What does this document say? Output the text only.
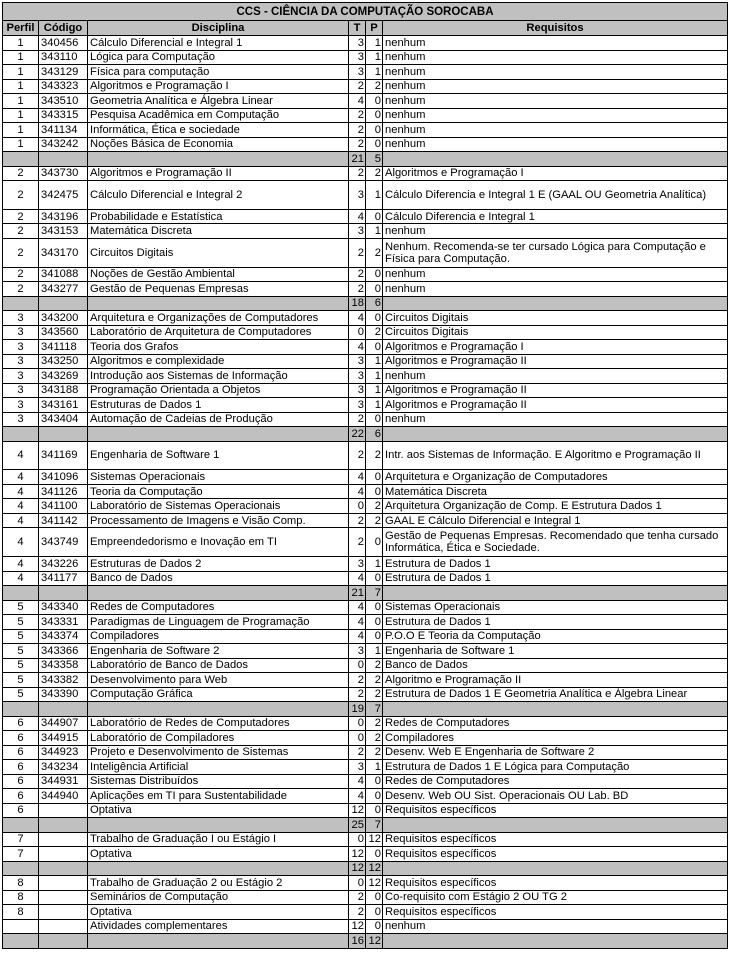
CCS - CIÊNCIA DA COMPUTAÇÃO SOROCABA					
Perfil	Código	Disciplina	T	P	Requisitos
1	340456	Cálculo Diferencial e Integral 1	3	1	nenhum
1	343110	Lógica para Computação	3	1	nenhum
1	343129	Física para computação	3	1	nenhum
1	343323	Algoritmos e Programação I	2	2	nenhum
1	343510	Geometria Analítica e Álgebra Linear	4	0	nenhum
1	343315	Pesquisa Acadêmica em Computação	2	0	nenhum
1	341134	Informática, Ética e sociedade	2	0	nenhum
1	343242	Noções Básica de Economia	2	0	nenhum
			21	5	
2	343730	Algoritmos e Programação II	2	2	Algoritmos e Programação I
2	342475	Cálculo Diferencial e Integral 2	3	1	Cálculo Diferencia e Integral 1 E (GAAL OU Geometria Analítica)
2	343196	Probabilidade e Estatística	4	0	Cálculo Diferencia e Integral 1
2	343153	Matemática Discreta	3	1	nenhum
2	343170	Circuitos Digitais	2	2	Nenhum. Recomenda-se ter cursado Lógica para Computação e Física para Computação.
2	341088	Noções de Gestão Ambiental	2	0	nenhum
2	343277	Gestão de Pequenas Empresas	2	0	nenhum
			18	6	
3	343200	Arquitetura e Organizações de Computadores	4	0	Circuitos Digitais
3	343560	Laboratório de Arquitetura de Computadores	0	2	Circuitos Digitais
3	341118	Teoria dos Grafos	4	0	Algoritmos e Programação I
3	343250	Algoritmos e complexidade	3	1	Algoritmos e Programação II
3	343269	Introdução aos Sistemas de Informação	3	1	nenhum
3	343188	Programação Orientada a Objetos	3	1	Algoritmos e Programação II
3	343161	Estruturas de Dados 1	3	1	Algoritmos e Programação II
3	343404	Automação de Cadeias de Produção	2	0	nenhum
			22	6	
4	341169	Engenharia de Software 1	2	2	Intr. aos Sistemas de Informação. E Algoritmo e Programação II
4	341096	Sistemas Operacionais	4	0	Arquitetura e Organização de Computadores
4	341126	Teoria da Computação	4	0	Matemática Discreta
4	341100	Laboratório de Sistemas Operacionais	0	2	Arquitetura Organização de Comp. E Estrutura Dados 1
4	341142	Processamento de Imagens e Visão Comp.	2	2	GAAL E Cálculo Diferencial e Integral 1
4	343749	Empreendedorismo e Inovação em TI	2	0	Gestão de Pequenas Empresas. Recomendado que tenha cursado Informática, Ética e Sociedade.
4	343226	Estruturas de Dados 2	3	1	Estrutura de Dados 1
4	341177	Banco de Dados	4	0	Estrutura de Dados 1
			21	7	
5	343340	Redes de Computadores	4	0	Sistemas Operacionais
5	343331	Paradigmas de Linguagem de Programação	4	0	Estrutura de Dados 1
5	343374	Compiladores	4	0	P.O.O E Teoria da Computação
5	343366	Engenharia de Software 2	3	1	Engenharia de Software 1
5	343358	Laboratório de Banco de Dados	0	2	Banco de Dados
5	343382	Desenvolvimento para Web	2	2	Algoritmo e Programação II
5	343390	Computação Gráfica	2	2	Estrutura de Dados 1 E Geometria Analítica e Álgebra Linear
			19	7	
6	344907	Laboratório de Redes de Computadores	0	2	Redes de Computadores
6	344915	Laboratório de Compiladores	0	2	Compiladores
6	344923	Projeto e Desenvolvimento de Sistemas	2	2	Desenv. Web E Engenharia de Software 2
6	343234	Inteligência Artificial	3	1	Estrutura de Dados 1 E Lógica para Computação
6	344931	Sistemas Distribuídos	4	0	Redes de Computadores
6	344940	Aplicações em TI para Sustentabilidade	4	0	Desenv. Web OU Sist. Operacionais OU Lab. BD
6		Optativa	12	0	Requisitos específicos
			25	7	
7		Trabalho de Graduação I ou Estágio I	0	12	Requisitos específicos
7		Optativa	12	0	Requisitos específicos
			12	12	
8		Trabalho de Graduação 2 ou Estágio 2	0	12	Requisitos específicos
8		Seminários de Computação	2	0	Co-requisito com Estágio 2 OU TG 2
8		Optativa	2	0	Requisitos específicos
		Atividades complementares	12	0	nenhum
			16	12	
